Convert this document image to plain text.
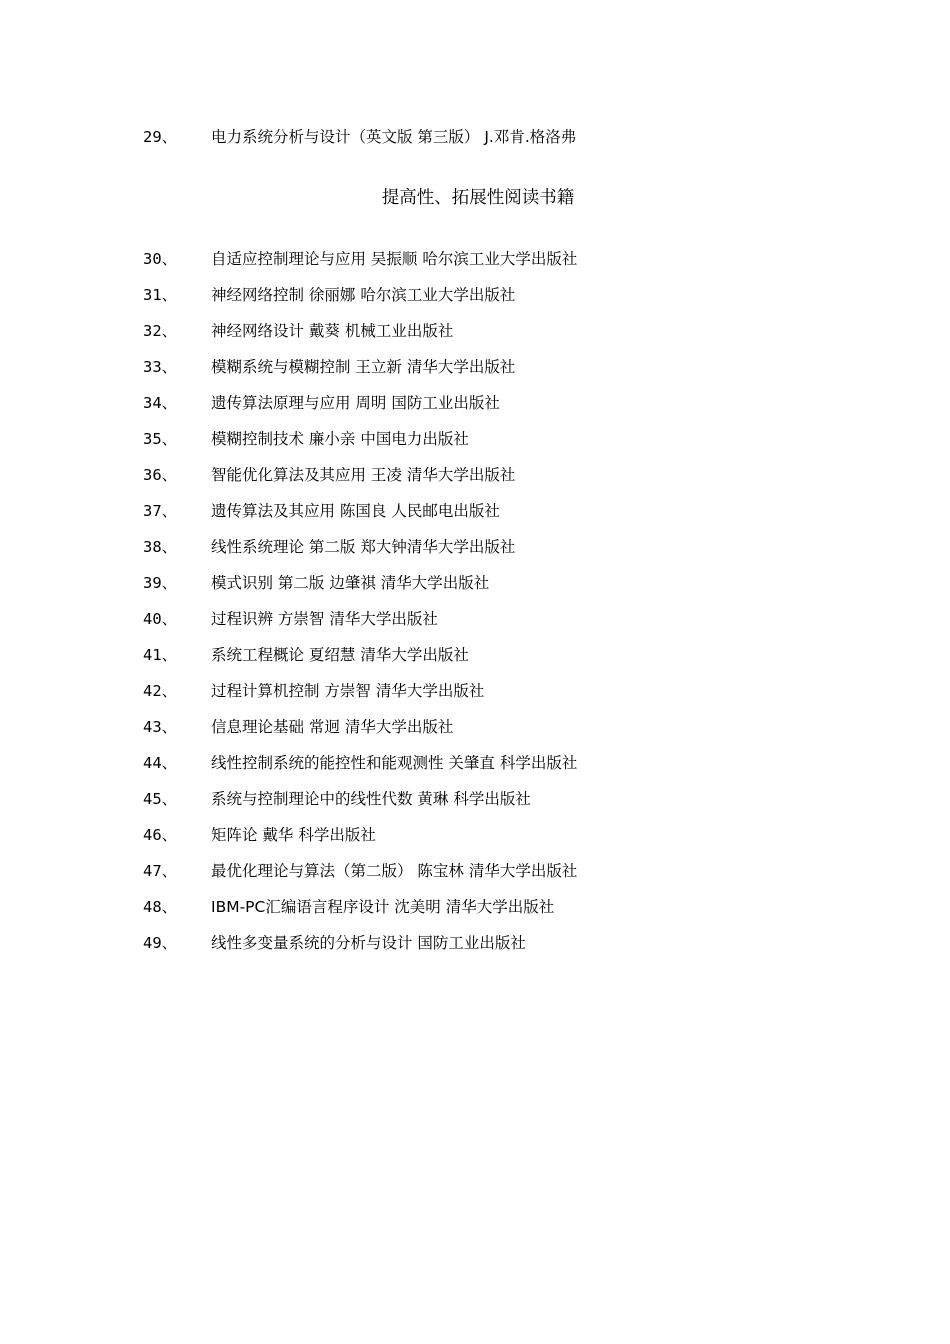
29、 电力系统分析与设计（英文版 第三版） J.邓肯.格洛弗
提高性、拓展性阅读书籍
30、 自适应控制理论与应用 吴振顺 哈尔滨工业大学出版社
31、 神经网络控制 徐丽娜 哈尔滨工业大学出版社
32、 神经网络设计 戴葵 机械工业出版社
33、 模糊系统与模糊控制 王立新 清华大学出版社
34、 遗传算法原理与应用 周明 国防工业出版社
35、 模糊控制技术 廉小亲 中国电力出版社
36、 智能优化算法及其应用 王凌 清华大学出版社
37、 遗传算法及其应用 陈国良 人民邮电出版社
38、 线性系统理论 第二版 郑大钟清华大学出版社
39、 模式识别 第二版 边肇祺 清华大学出版社
40、 过程识辨 方崇智 清华大学出版社
41、 系统工程概论 夏绍慧 清华大学出版社
42、 过程计算机控制 方崇智 清华大学出版社
43、 信息理论基础 常迥 清华大学出版社
44、 线性控制系统的能控性和能观测性 关肇直 科学出版社
45、 系统与控制理论中的线性代数 黄琳 科学出版社
46、 矩阵论 戴华 科学出版社
47、 最优化理论与算法（第二版） 陈宝林 清华大学出版社
48、 IBM-PC汇编语言程序设计 沈美明 清华大学出版社
49、 线性多变量系统的分析与设计 国防工业出版社
